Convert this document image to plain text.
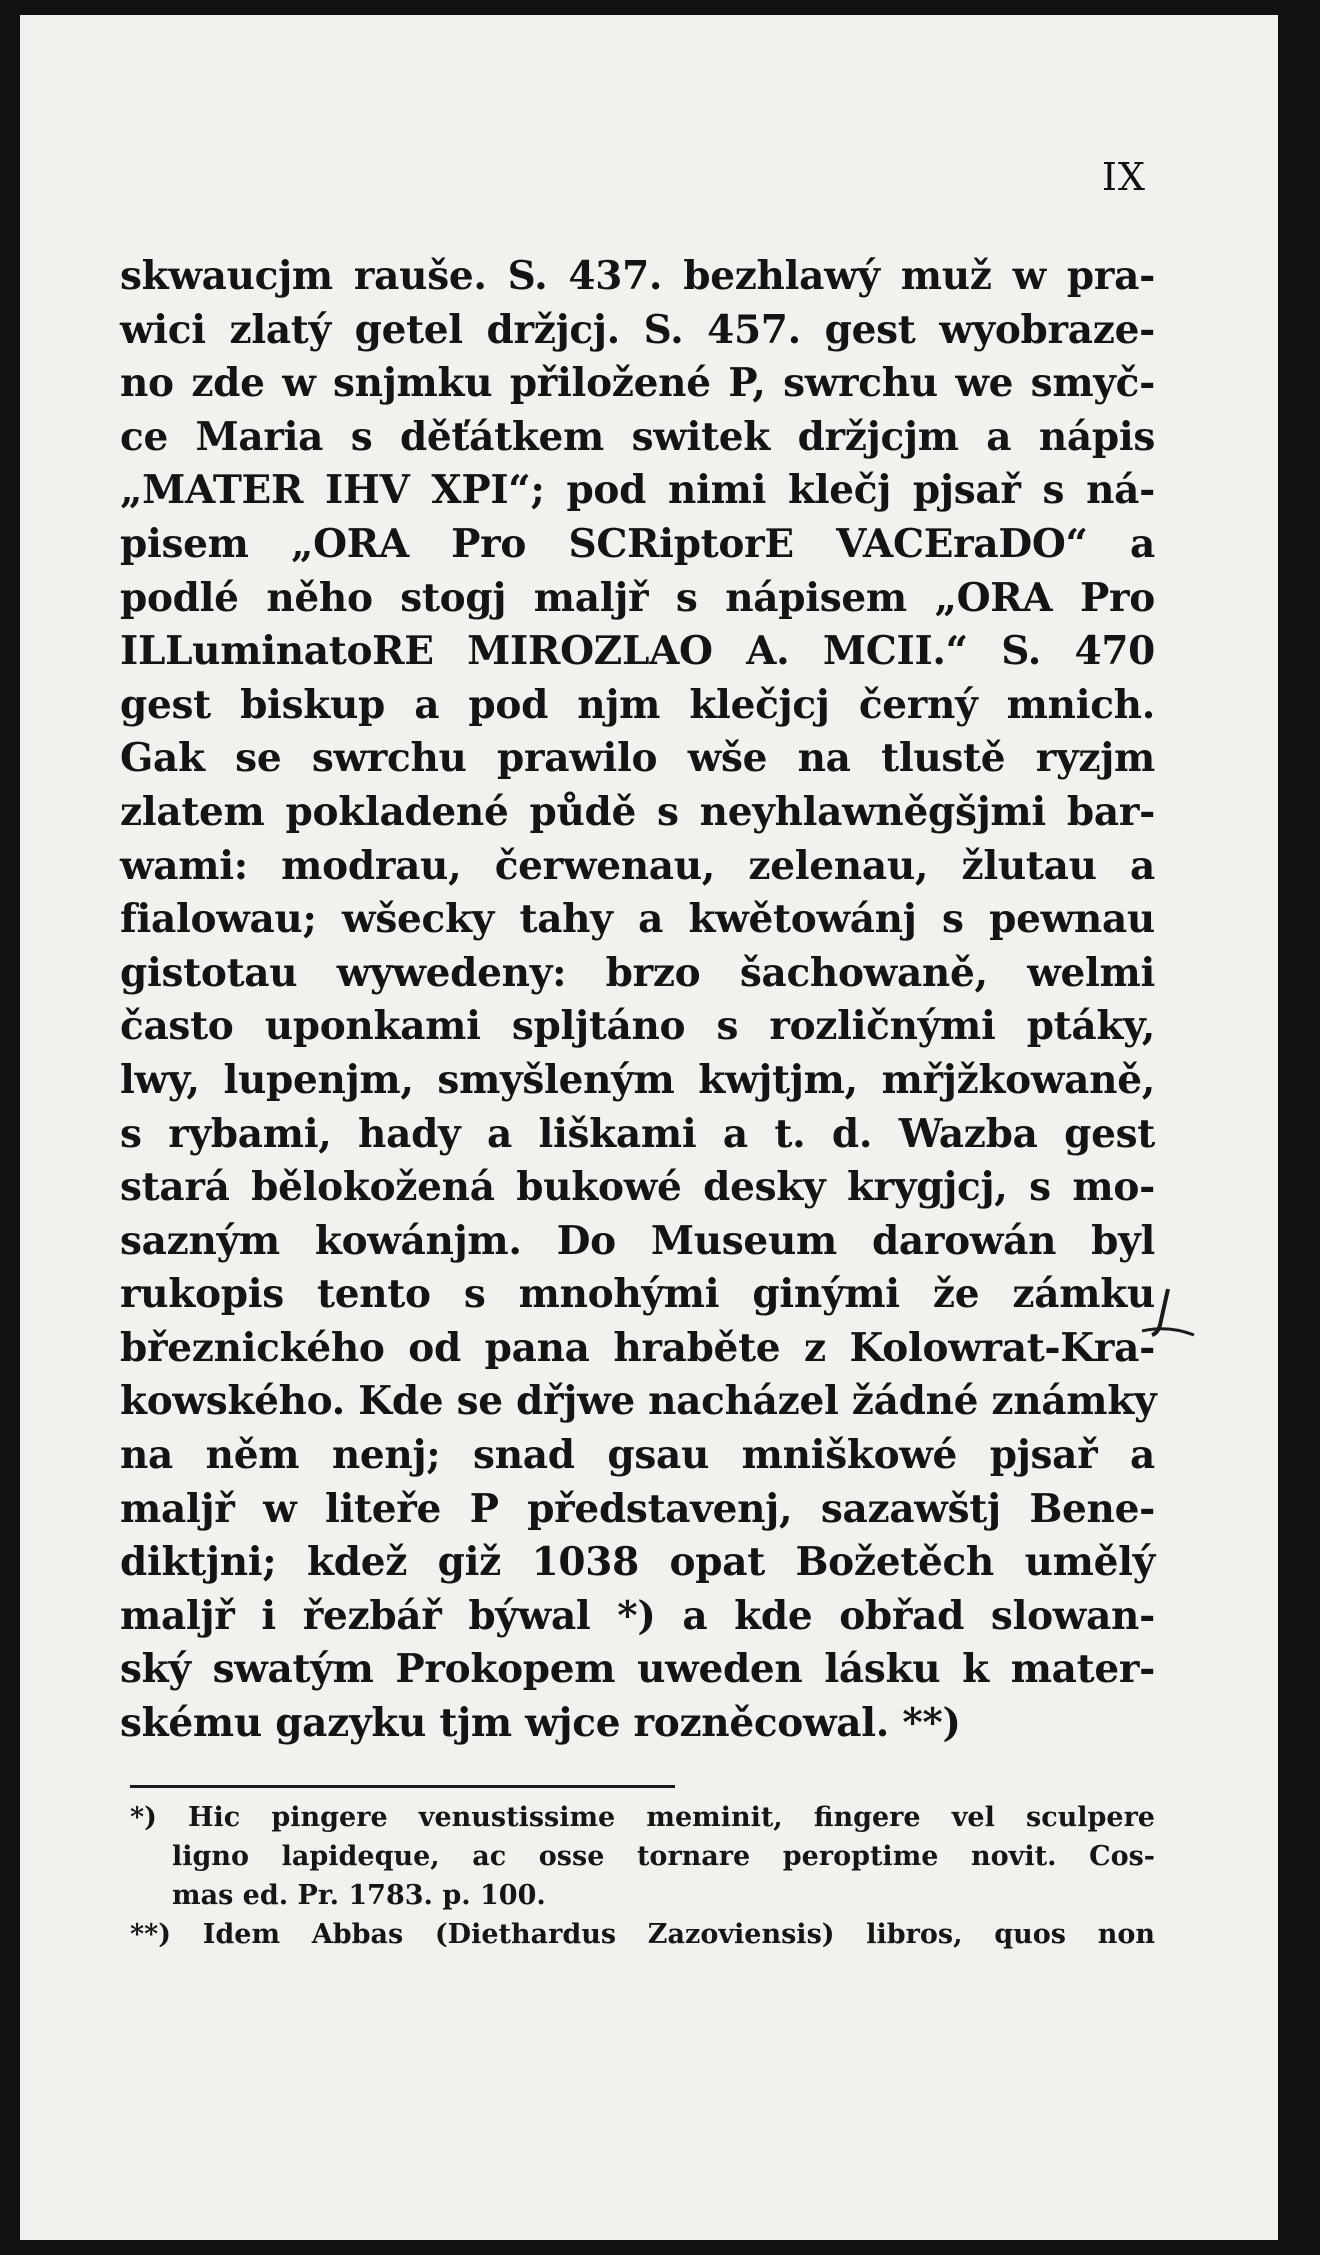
IX
skwaucjm rauše. S. 437. bezhlawý muž w pra-
wici zlatý getel držjcj. S. 457. gest wyobraze-
no zde w snjmku přiložené P, swrchu we smyč-
ce Maria s děťátkem switek držjcjm a nápis
„MATER IHV XPI“; pod nimi klečj pjsař s ná-
pisem „ORA Pro SCRiptorE VACEraDO“ a
podlé něho stogj maljř s nápisem „ORA Pro
ILLuminatoRE MIROZLAO A. MCII.“ S. 470
gest biskup a pod njm klečjcj černý mnich.
Gak se swrchu prawilo wše na tlustě ryzjm
zlatem pokladené půdě s neyhlawněgšjmi bar-
wami: modrau, čerwenau, zelenau, žlutau a
fialowau; wšecky tahy a kwětowánj s pewnau
gistotau wywedeny: brzo šachowaně, welmi
často uponkami spljtáno s rozličnými ptáky,
lwy, lupenjm, smyšleným kwjtjm, mřjžkowaně,
s rybami, hady a liškami a t. d. Wazba gest
stará bělokožená bukowé desky krygjcj, s mo-
sazným kowánjm. Do Museum darowán byl
rukopis tento s mnohými ginými že zámku
březnického od pana hraběte z Kolowrat-Kra-
kowského. Kde se dřjwe nacházel žádné známky
na něm nenj; snad gsau mniškowé pjsař a
maljř w liteře P představenj, sazawštj Bene-
diktjni; kdež giž 1038 opat Božetěch umělý
maljř i řezbář býwal *) a kde obřad slowan-
ský swatým Prokopem uweden lásku k mater-
skému gazyku tjm wjce rozněcowal. **)
*) Hic pingere venustissime meminit, fingere vel sculpere
ligno lapideque, ac osse tornare peroptime novit. Cos-
mas ed. Pr. 1783. p. 100.
**) Idem Abbas (Diethardus Zazoviensis) libros, quos non
